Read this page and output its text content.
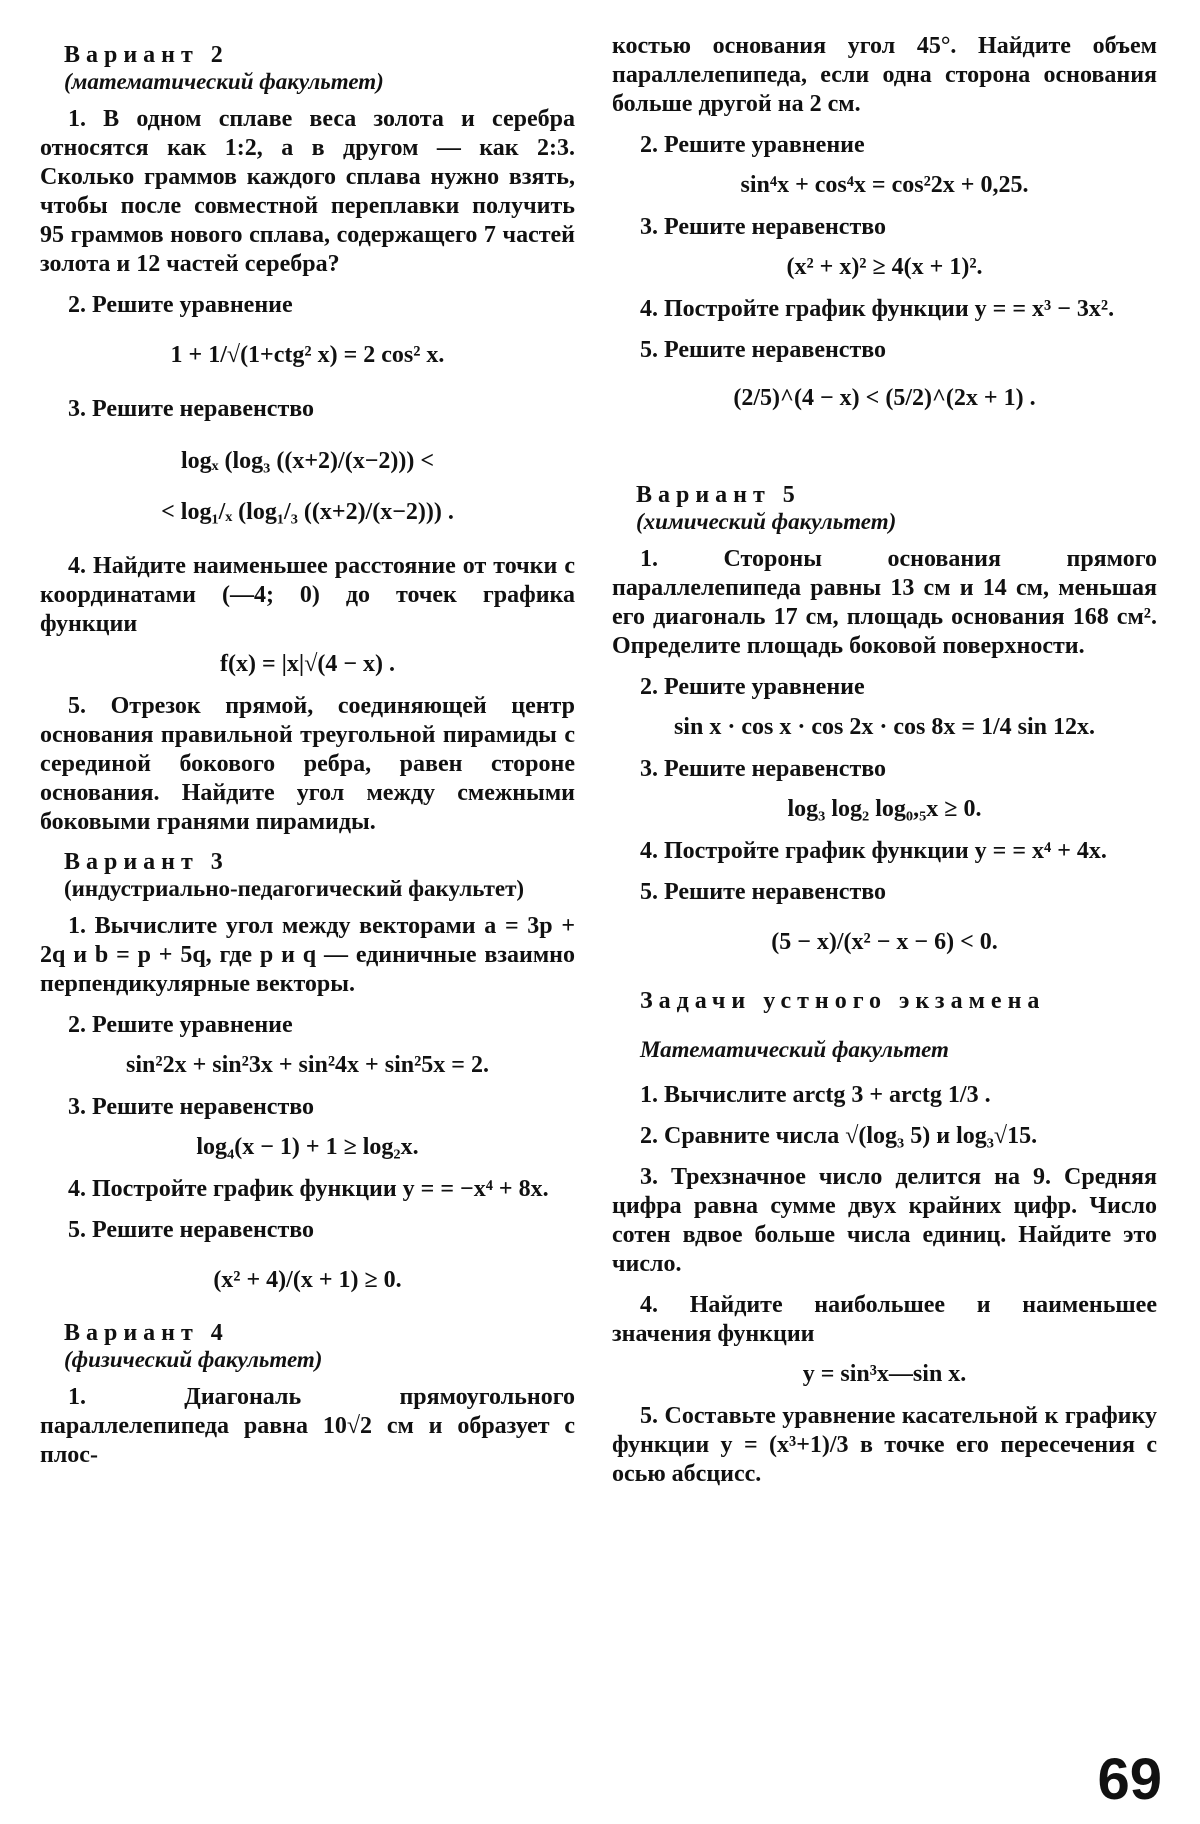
Вариант 2
(математический факультет)

1. В одном сплаве веса золота и серебра относятся как 1:2, а в другом — как 2:3. Сколько граммов каждого сплава нужно взять, чтобы после совместной переплавки получить 95 граммов нового сплава, содержащего 7 частей золота и 12 частей серебра?

2. Решите уравнение

1 + 1/√(1+ctg² x) = 2 cos² x.

3. Решите неравенство

logₓ (log₃ ((x+2)/(x−2))) <
< log₁/ₓ (log₁/₃ ((x+2)/(x−2))) .

4. Найдите наименьшее расстояние от точки с координатами (—4; 0) до точек графика функции

f(x) = |x|√(4 − x) .

5. Отрезок прямой, соединяющей центр основания правильной треугольной пирамиды с серединой бокового ребра, равен стороне основания. Найдите угол между смежными боковыми гранями пирамиды.

Вариант 3
(индустриально-педагогический факультет)

1. Вычислите угол между векторами a = 3p + 2q и b = p + 5q, где p и q — единичные взаимно перпендикулярные векторы.

2. Решите уравнение

sin²2x + sin²3x + sin²4x + sin²5x = 2.

3. Решите неравенство

log₄(x − 1) + 1 ≥ log₂x.

4. Постройте график функции y = = −x⁴ + 8x.

5. Решите неравенство

(x² + 4)/(x + 1) ≥ 0.
Вариант 4
(физический факультет)

1. Диагональ прямоугольного параллелепипеда равна 10√2 см и образует с плос-

костью основания угол 45°. Найдите объем параллелепипеда, если одна сторона основания больше другой на 2 см.

2. Решите уравнение

sin⁴x + cos⁴x = cos²2x + 0,25.

3. Решите неравенство

(x² + x)² ≥ 4(x + 1)².

4. Постройте график функции y = = x³ − 3x².

5. Решите неравенство

(2/5)^(4 − x) < (5/2)^(2x + 1) .
Вариант 5
(химический факультет)

1. Стороны основания прямого параллелепипеда равны 13 см и 14 см, меньшая его диагональ 17 см, площадь основания 168 см². Определите площадь боковой поверхности.

2. Решите уравнение

sin x · cos x · cos 2x · cos 8x = 1/4 sin 12x.

3. Решите неравенство

log₃ log₂ log₀,₅x ≥ 0.

4. Постройте график функции y = = x⁴ + 4x.

5. Решите неравенство

(5 − x)/(x² − x − 6) < 0.
Задачи устного экзамена
Математический факультет

1. Вычислите arctg 3 + arctg 1/3 .

2. Сравните числа √(log₃ 5) и log₃√15.

3. Трехзначное число делится на 9. Средняя цифра равна сумме двух крайних цифр. Число сотен вдвое больше числа единиц. Найдите это число.

4. Найдите наибольшее и наименьшее значения функции

y = sin³x—sin x.

5. Составьте уравнение касательной к графику функции y = (x³+1)/3 в точке его пересечения с осью абсцисс.

69
